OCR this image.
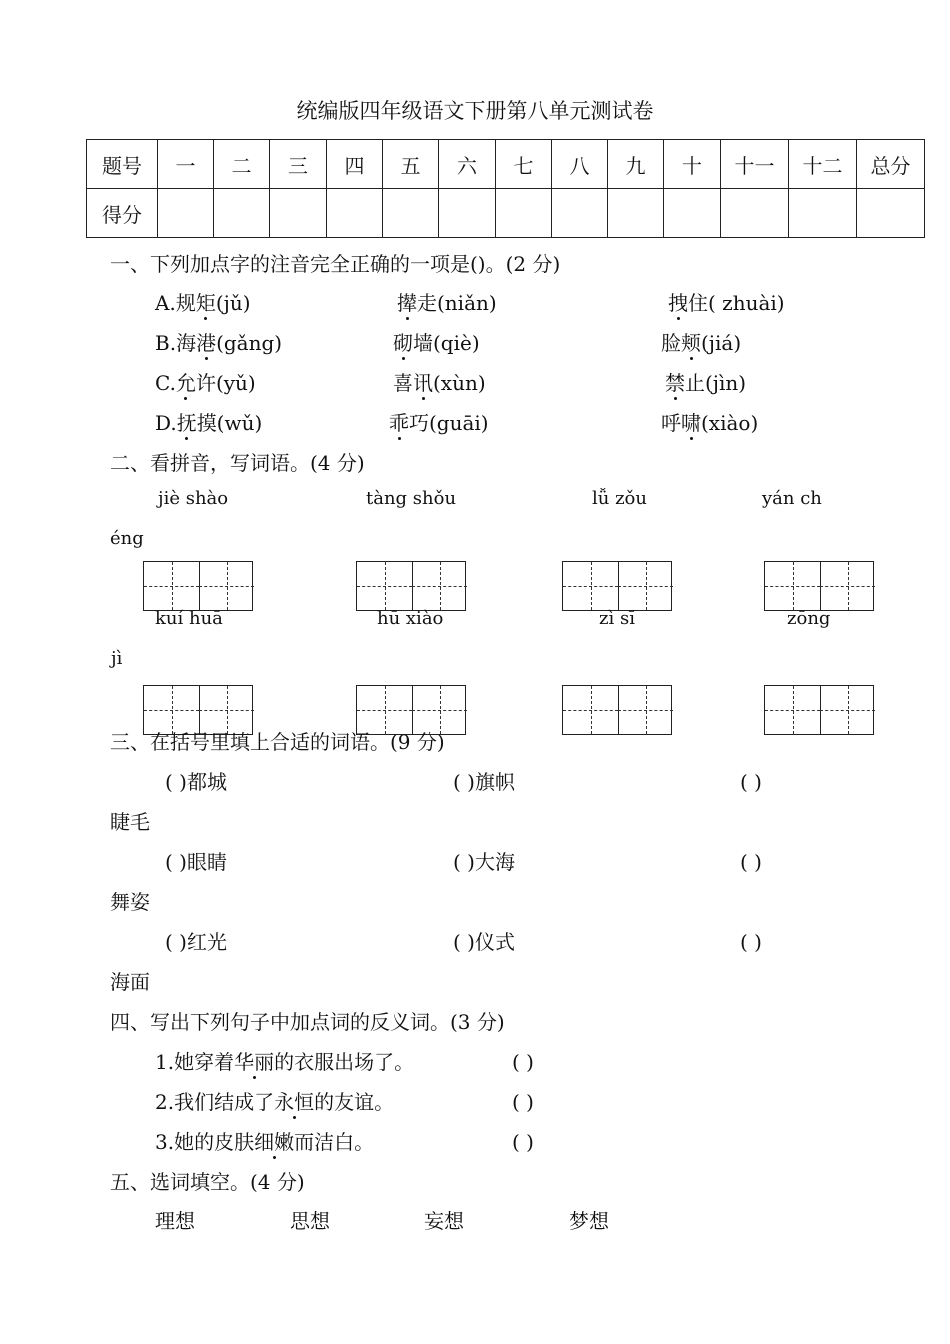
统编版四年级语文下册第八单元测试卷
题号	一	二	三	四	五	六	七	八	九	十	十一	十二	总分
得分													
一、下列加点字的注音完全正确的一项是()。(2 分)
A.规矩(jǔ)	撵走(niǎn)	拽住( zhuài)
B.海港(gǎng)	砌墙(qiè)	脸颊(jiá)
C.允许(yǔ)	喜讯(xùn)	禁止(jìn)
D.抚摸(wǔ)	乖巧(guāi)	呼啸(xiào)
二、看拼音，写词语。(4 分)
jiè shào	tàng shǒu	lǚ zǒu	yán ch
éng
kuí huā	hū xiào	zì sī	zōng
jì
三、在括号里填上合适的词语。(9 分)
( )都城	( )旗帜	( )
睫毛
( )眼睛	( )大海	( )
舞姿
( )红光	( )仪式	( )
海面
四、写出下列句子中加点词的反义词。(3 分)
1.她穿着华丽的衣服出场了。	( )
2.我们结成了永恒的友谊。	( )
3.她的皮肤细嫩而洁白。	( )
五、选词填空。(4 分)
理想	思想	妄想	梦想
